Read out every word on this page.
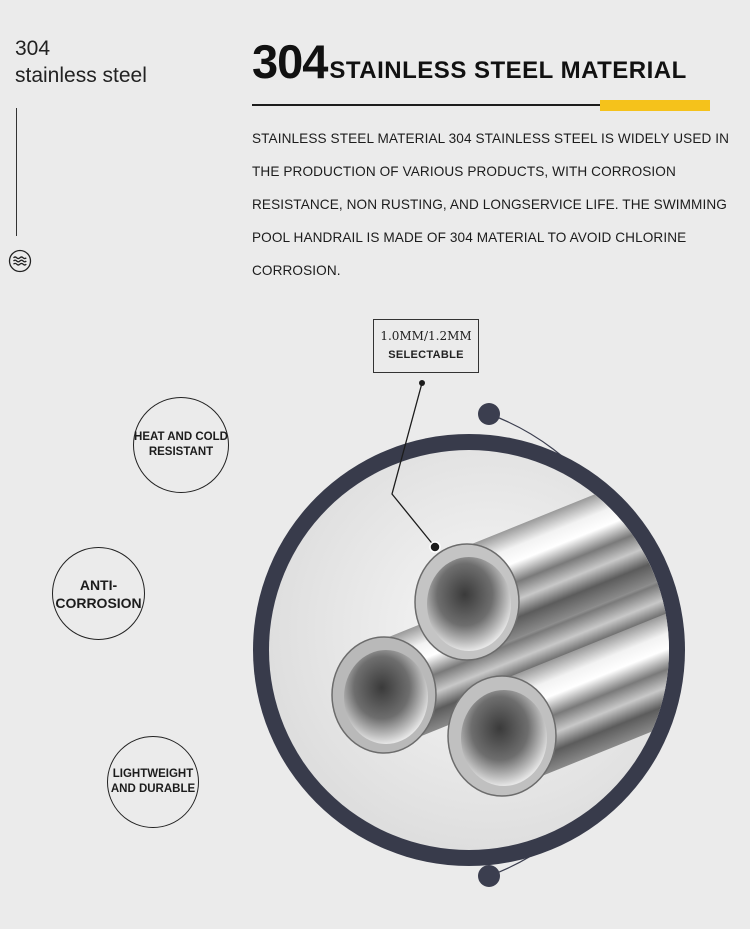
304
stainless steel 304STAINLESS STEEL MATERIAL
STAINLESS STEEL MATERIAL 304 STAINLESS STEEL IS WIDELY USED IN THE PRODUCTION OF VARIOUS PRODUCTS, WITH CORROSION RESISTANCE, NON RUSTING, AND LONGSERVICE LIFE. THE SWIMMING POOL HANDRAIL IS MADE OF 304 MATERIAL TO AVOID CHLORINE CORROSION.
1.0MM/1.2MM
SELECTABLE
HEAT AND COLD
RESISTANT
ANTI-
CORROSION
LIGHTWEIGHT
AND DURABLE
